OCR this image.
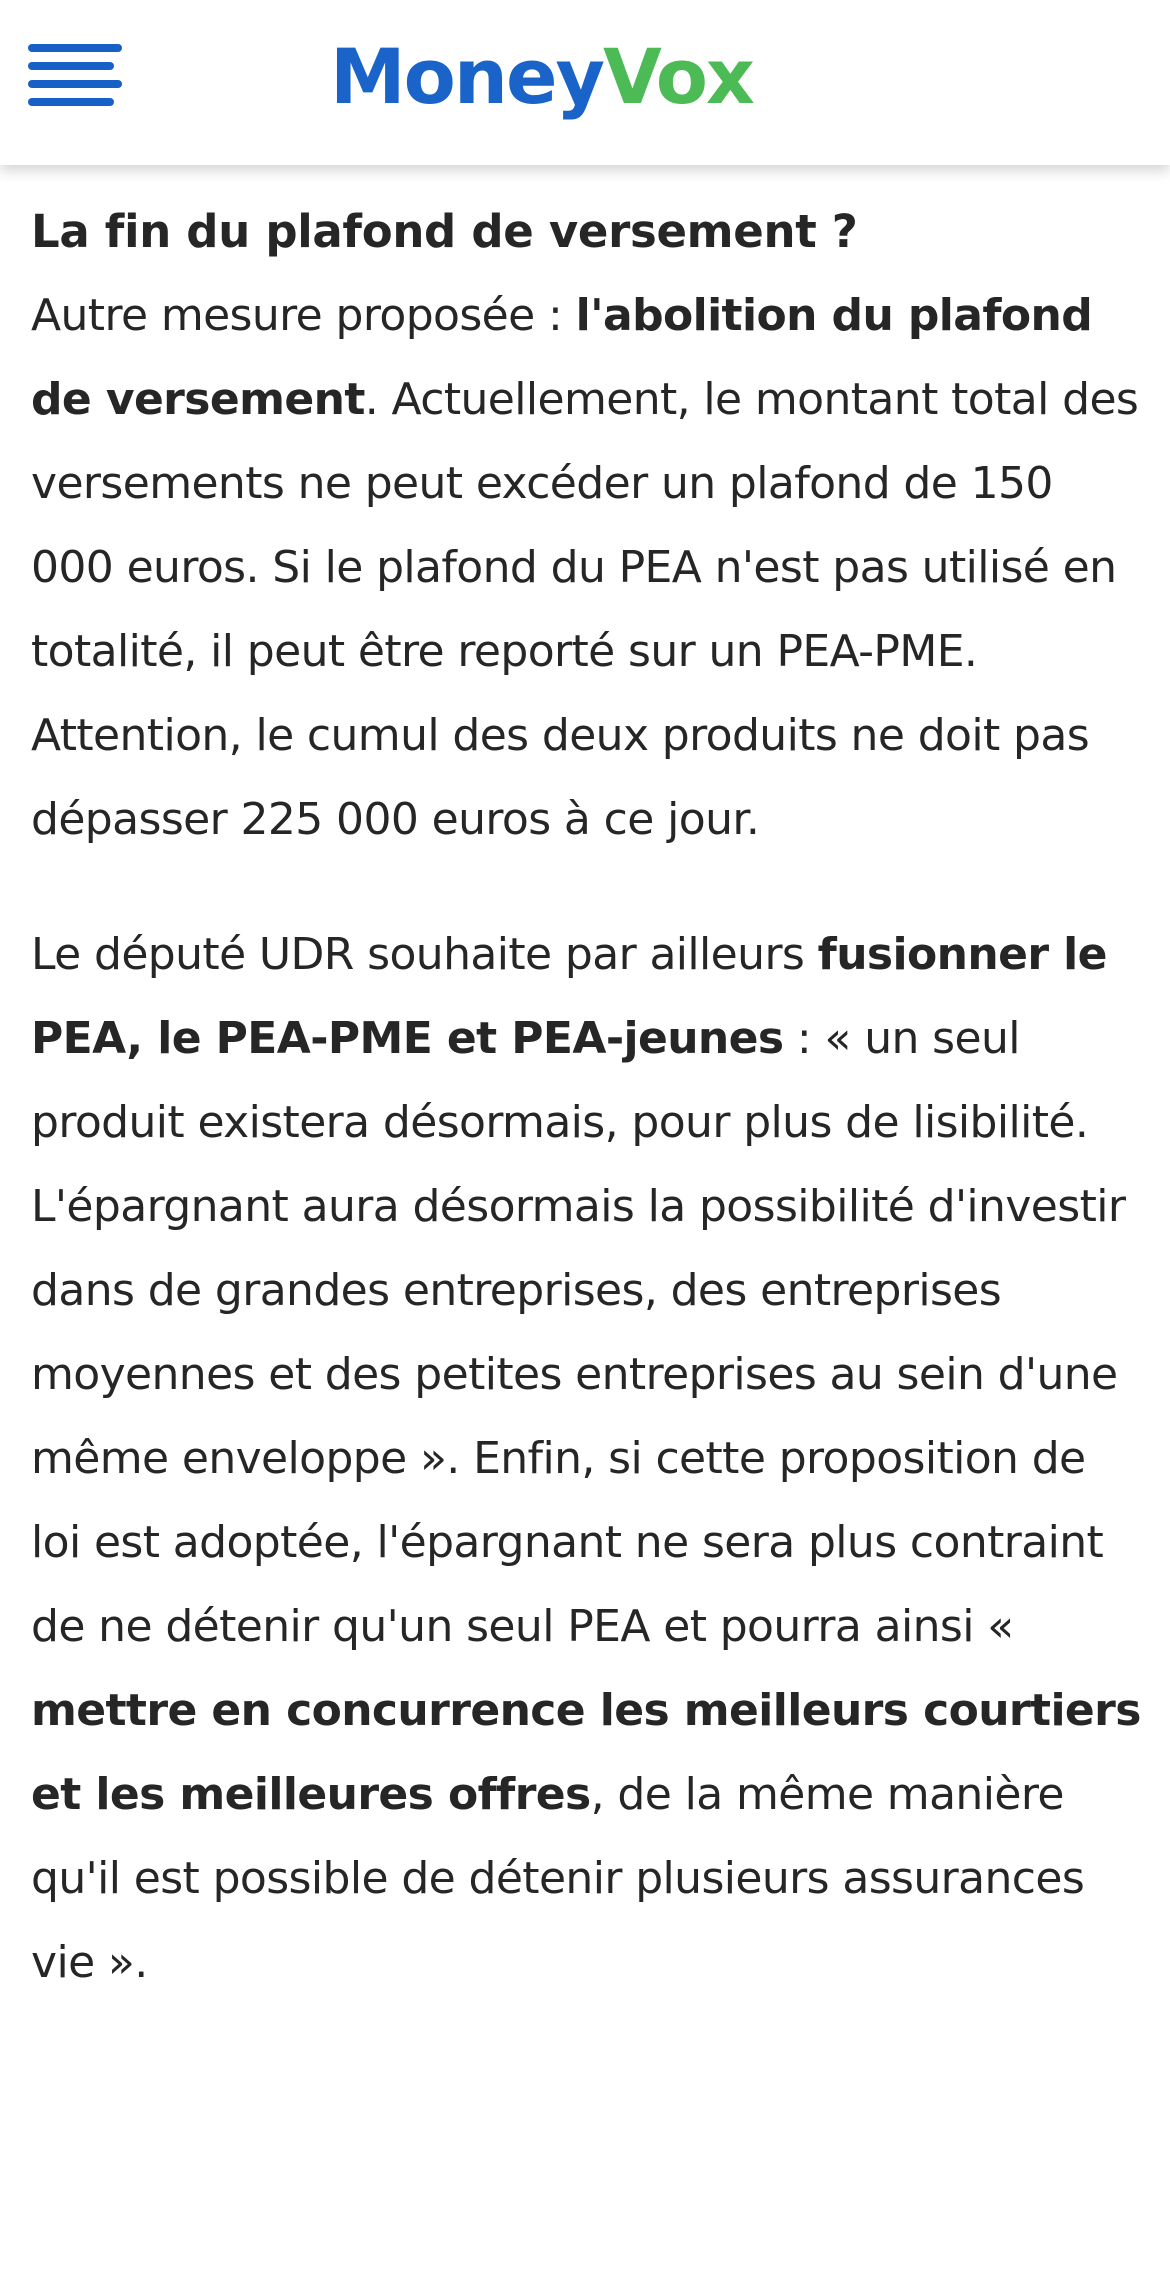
MoneyVox
La fin du plafond de versement ?

Autre mesure proposée : l'abolition du plafond de versement. Actuellement, le montant total des versements ne peut excéder un plafond de 150 000 euros. Si le plafond du PEA n'est pas utilisé en totalité, il peut être reporté sur un PEA-PME. Attention, le cumul des deux produits ne doit pas dépasser 225 000 euros à ce jour.

Le député UDR souhaite par ailleurs fusionner le PEA, le PEA-PME et PEA-jeunes : « un seul produit existera désormais, pour plus de lisibilité. L'épargnant aura désormais la possibilité d'investir dans de grandes entreprises, des entreprises moyennes et des petites entreprises au sein d'une même enveloppe ». Enfin, si cette proposition de loi est adoptée, l'épargnant ne sera plus contraint de ne détenir qu'un seul PEA et pourra ainsi « mettre en concurrence les meilleurs courtiers et les meilleures offres, de la même manière qu'il est possible de détenir plusieurs assurances vie ».
